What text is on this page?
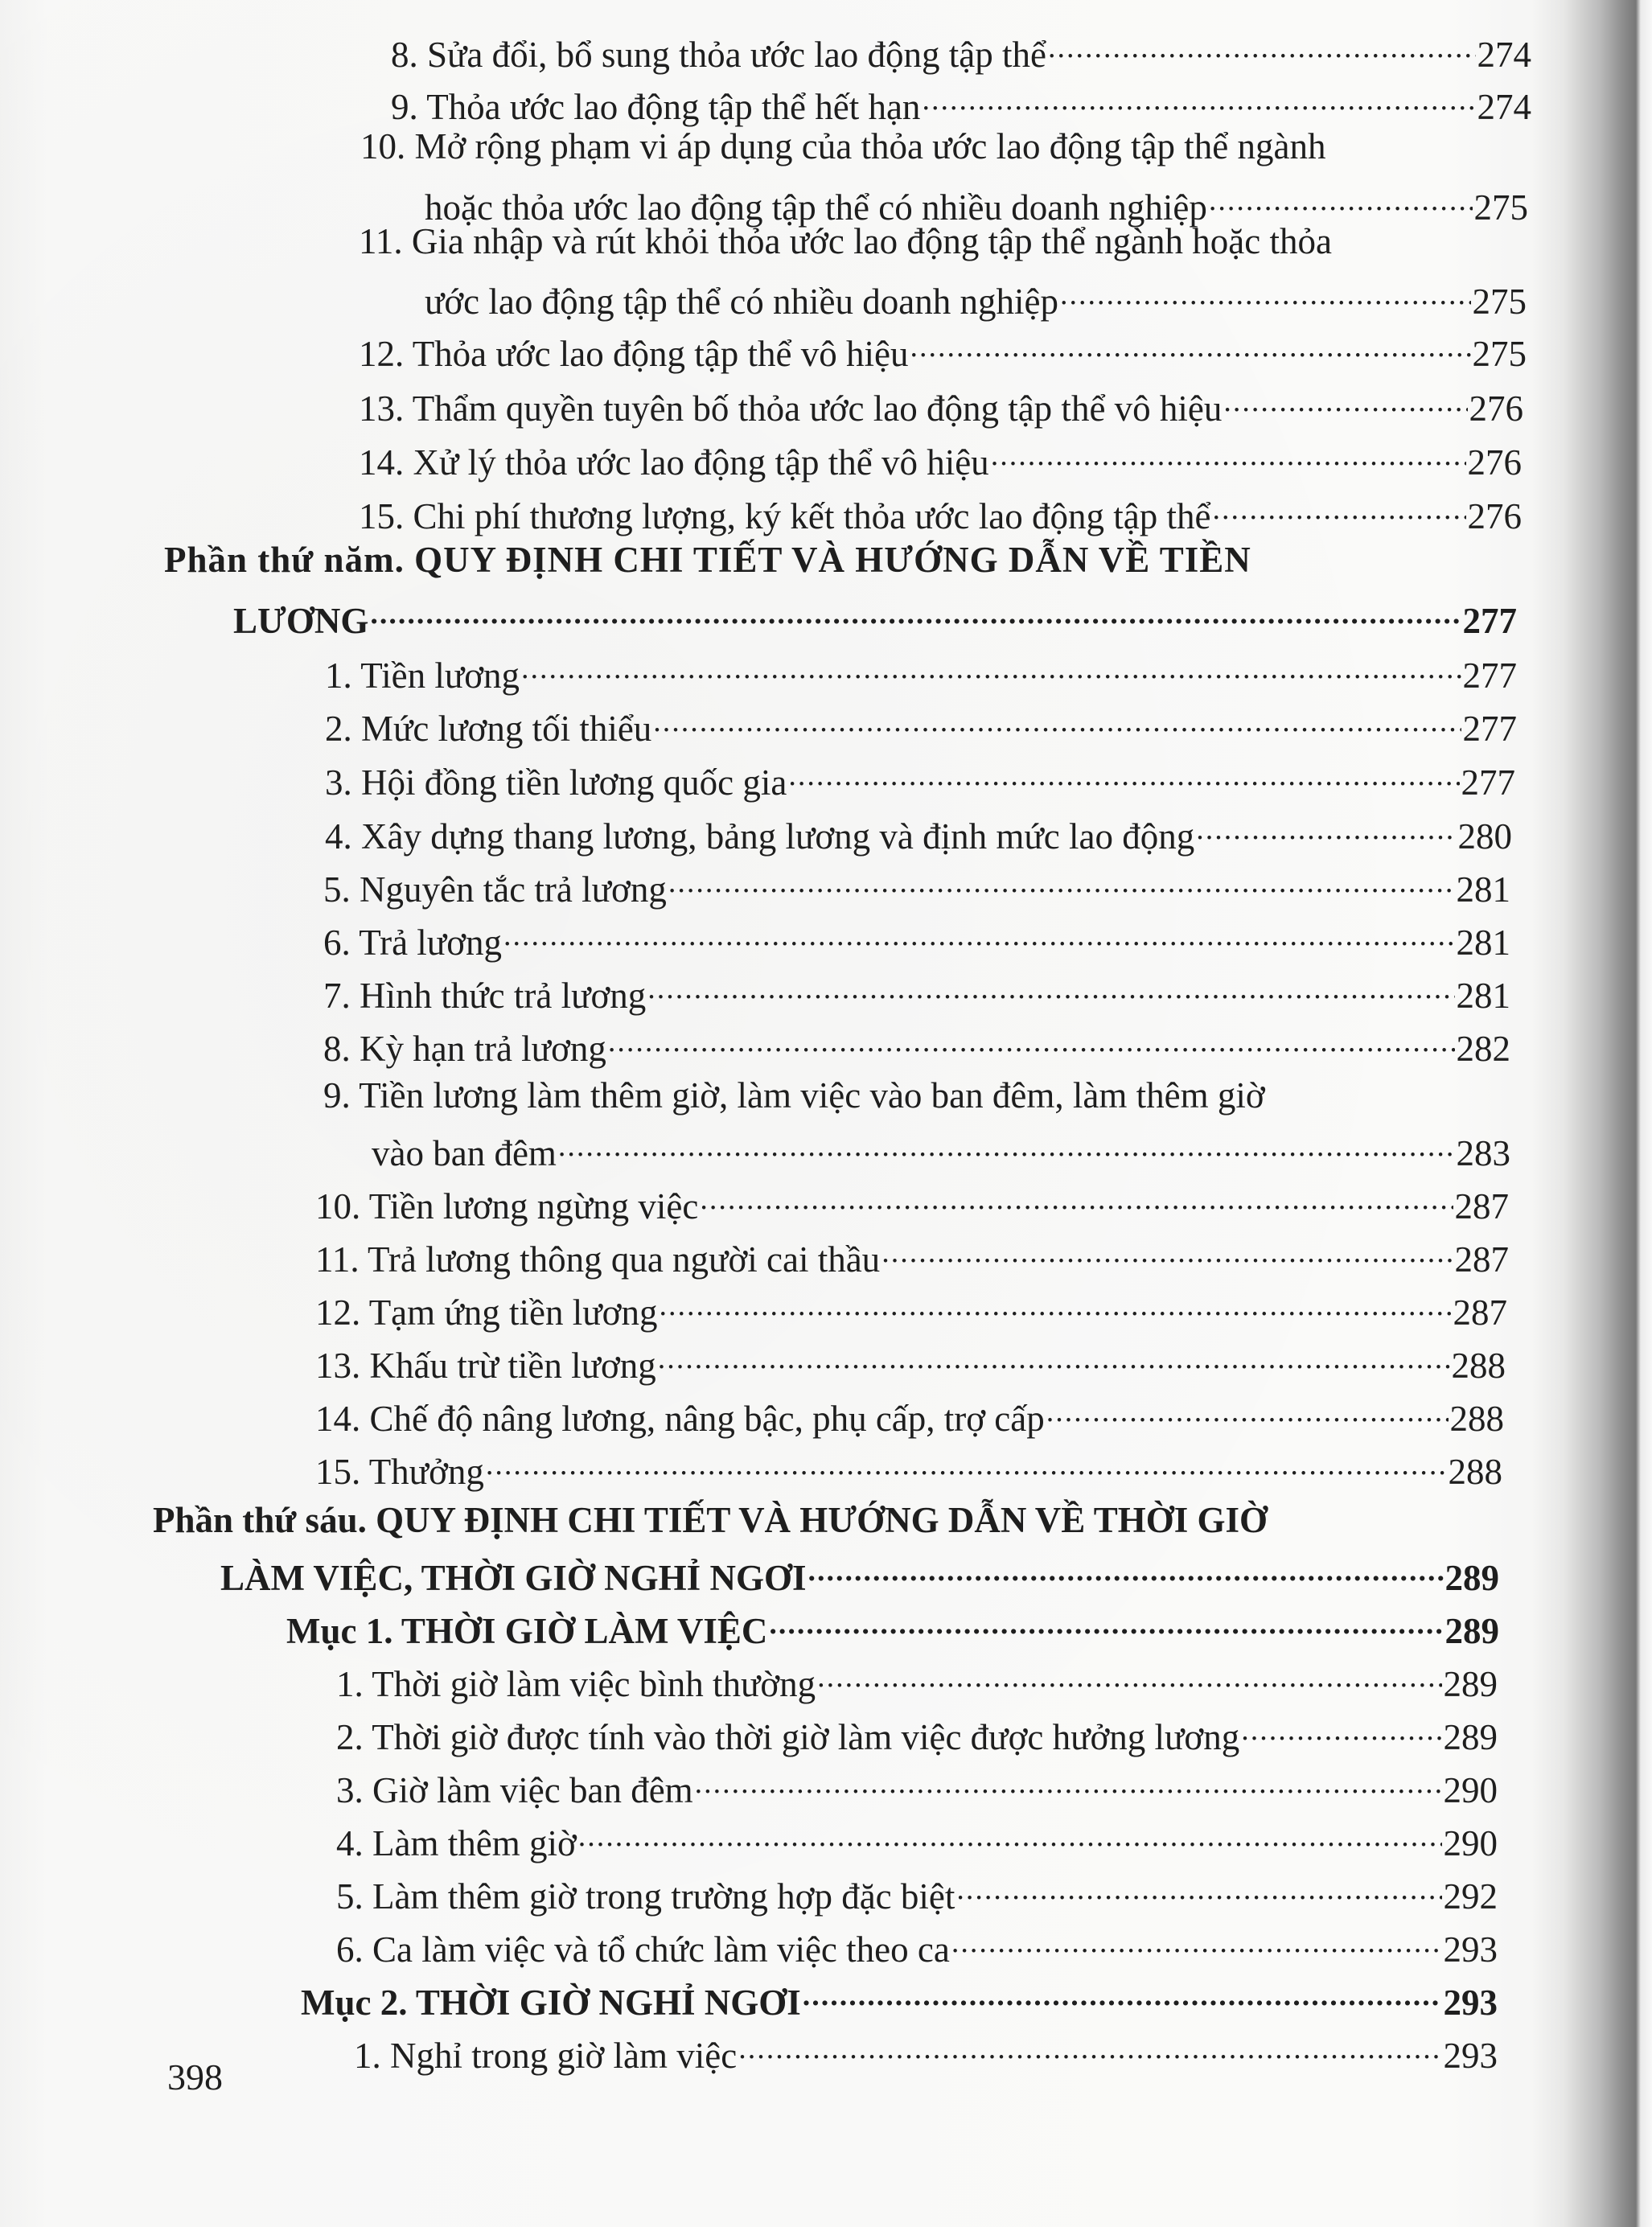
8. Sửa đổi, bổ sung thỏa ước lao động tập thể .....	274
9. Thỏa ước lao động tập thể hết hạn .....	274
10. Mở rộng phạm vi áp dụng của thỏa ước lao động tập thể ngành
hoặc thỏa ước lao động tập thể có nhiều doanh nghiệp .....	275
11. Gia nhập và rút khỏi thỏa ước lao động tập thể ngành hoặc thỏa
ước lao động tập thể có nhiều doanh nghiệp .....	275
12. Thỏa ước lao động tập thể vô hiệu .....	275
13. Thẩm quyền tuyên bố thỏa ước lao động tập thể vô hiệu .....	276
14. Xử lý thỏa ước lao động tập thể vô hiệu .....	276
15. Chi phí thương lượng, ký kết thỏa ước lao động tập thể .....	276
Phần thứ năm. QUY ĐỊNH CHI TIẾT VÀ HƯỚNG DẪN VỀ TIỀN
LƯƠNG .....	277
1. Tiền lương .....	277
2. Mức lương tối thiểu .....	277
3. Hội đồng tiền lương quốc gia .....	277
4. Xây dựng thang lương, bảng lương và định mức lao động .....	280
5. Nguyên tắc trả lương .....	281
6. Trả lương .....	281
7. Hình thức trả lương .....	281
8. Kỳ hạn trả lương .....	282
9. Tiền lương làm thêm giờ, làm việc vào ban đêm, làm thêm giờ
vào ban đêm .....	283
10. Tiền lương ngừng việc .....	287
11. Trả lương thông qua người cai thầu .....	287
12. Tạm ứng tiền lương .....	287
13. Khấu trừ tiền lương .....	288
14. Chế độ nâng lương, nâng bậc, phụ cấp, trợ cấp .....	288
15. Thưởng .....	288
Phần thứ sáu. QUY ĐỊNH CHI TIẾT VÀ HƯỚNG DẪN VỀ THỜI GIỜ
LÀM VIỆC, THỜI GIỜ NGHỈ NGƠI .....	289
Mục 1. THỜI GIỜ LÀM VIỆC .....	289
1. Thời giờ làm việc bình thường .....	289
2. Thời giờ được tính vào thời giờ làm việc được hưởng lương .....	289
3. Giờ làm việc ban đêm .....	290
4. Làm thêm giờ .....	290
5. Làm thêm giờ trong trường hợp đặc biệt .....	292
6. Ca làm việc và tổ chức làm việc theo ca .....	293
Mục 2. THỜI GIỜ NGHỈ NGƠI .....	293
1. Nghỉ trong giờ làm việc .....	293
398
